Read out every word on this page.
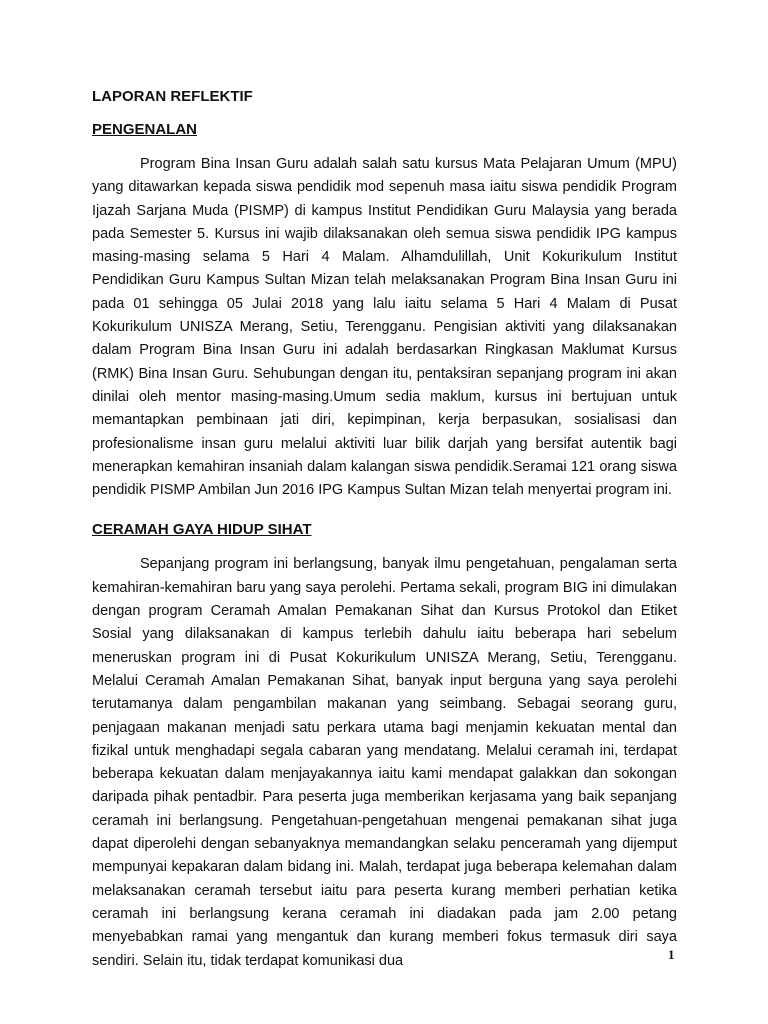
LAPORAN REFLEKTIF

PENGENALAN

Program Bina Insan Guru adalah salah satu kursus Mata Pelajaran Umum (MPU) yang ditawarkan kepada siswa pendidik mod sepenuh masa iaitu siswa pendidik Program Ijazah Sarjana Muda (PISMP) di kampus Institut Pendidikan Guru Malaysia yang berada pada Semester 5. Kursus ini wajib dilaksanakan oleh semua siswa pendidik IPG kampus masing-masing selama 5 Hari 4 Malam. Alhamdulillah, Unit Kokurikulum Institut Pendidikan Guru Kampus Sultan Mizan telah melaksanakan Program Bina Insan Guru ini pada 01 sehingga 05 Julai 2018 yang lalu iaitu selama 5 Hari 4 Malam di Pusat Kokurikulum UNISZA Merang, Setiu, Terengganu. Pengisian aktiviti yang dilaksanakan dalam Program Bina Insan Guru ini adalah berdasarkan Ringkasan Maklumat Kursus (RMK) Bina Insan Guru. Sehubungan dengan itu, pentaksiran sepanjang program ini akan dinilai oleh mentor masing-masing.Umum sedia maklum, kursus ini bertujuan untuk memantapkan pembinaan jati diri, kepimpinan, kerja berpasukan, sosialisasi dan profesionalisme insan guru melalui aktiviti luar bilik darjah yang bersifat autentik bagi menerapkan kemahiran insaniah dalam kalangan siswa pendidik.Seramai 121 orang siswa pendidik PISMP Ambilan Jun 2016 IPG Kampus Sultan Mizan telah menyertai program ini.

CERAMAH GAYA HIDUP SIHAT

Sepanjang program ini berlangsung, banyak ilmu pengetahuan, pengalaman serta kemahiran-kemahiran baru yang saya perolehi. Pertama sekali, program BIG ini dimulakan dengan program Ceramah Amalan Pemakanan Sihat dan Kursus Protokol dan Etiket Sosial yang dilaksanakan di kampus terlebih dahulu iaitu beberapa hari sebelum meneruskan program ini di Pusat Kokurikulum UNISZA Merang, Setiu, Terengganu. Melalui Ceramah Amalan Pemakanan Sihat, banyak input berguna yang saya perolehi terutamanya dalam pengambilan makanan yang seimbang. Sebagai seorang guru, penjagaan makanan menjadi satu perkara utama bagi menjamin kekuatan mental dan fizikal untuk menghadapi segala cabaran yang mendatang. Melalui ceramah ini, terdapat beberapa kekuatan dalam menjayakannya iaitu kami mendapat galakkan dan sokongan daripada pihak pentadbir. Para peserta juga memberikan kerjasama yang baik sepanjang ceramah ini berlangsung. Pengetahuan-pengetahuan mengenai pemakanan sihat juga dapat diperolehi dengan sebanyaknya memandangkan selaku penceramah yang dijemput mempunyai kepakaran dalam bidang ini. Malah, terdapat juga beberapa kelemahan dalam melaksanakan ceramah tersebut iaitu para peserta kurang memberi perhatian ketika ceramah ini berlangsung kerana ceramah ini diadakan pada jam 2.00 petang menyebabkan ramai yang mengantuk dan kurang memberi fokus termasuk diri saya sendiri. Selain itu, tidak terdapat komunikasi dua	1
